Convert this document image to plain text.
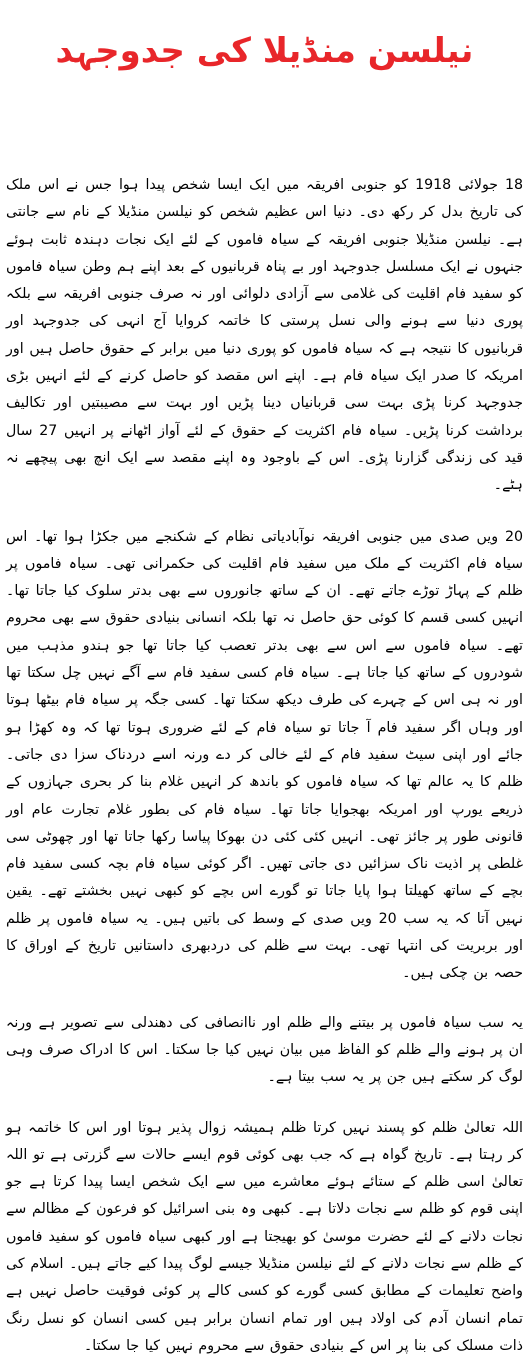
نیلسن منڈیلا کی جدوجہد

18 جولائی 1918 کو جنوبی افریقہ میں ایک ایسا شخص پیدا ہوا جس نے اس ملک کی تاریخ بدل کر رکھ دی۔ دنیا اس عظیم شخص کو نیلسن منڈیلا کے نام سے جانتی ہے۔ نیلسن منڈیلا جنوبی افریقہ کے سیاہ فاموں کے لئے ایک نجات دہندہ ثابت ہوئے جنہوں نے ایک مسلسل جدوجہد اور بے پناہ قربانیوں کے بعد اپنے ہم وطن سیاہ فاموں کو سفید فام اقلیت کی غلامی سے آزادی دلوائی اور نہ صرف جنوبی افریقہ سے بلکہ پوری دنیا سے ہونے والی نسل پرستی کا خاتمہ کروایا آج انہی کی جدوجہد اور قربانیوں کا نتیجہ ہے کہ سیاہ فاموں کو پوری دنیا میں برابر کے حقوق حاصل ہیں اور امریکہ کا صدر ایک سیاہ فام ہے۔ اپنے اس مقصد کو حاصل کرنے کے لئے انہیں بڑی جدوجہد کرنا پڑی بہت سی قربانیاں دینا پڑیں اور بہت سے مصیبتیں اور تکالیف برداشت کرنا پڑیں۔ سیاہ فام اکثریت کے حقوق کے لئے آواز اٹھانے پر انہیں 27 سال قید کی زندگی گزارنا پڑی۔ اس کے باوجود وہ اپنے مقصد سے ایک انچ بھی پیچھے نہ ہٹے۔

20 ویں صدی میں جنوبی افریقہ نوآبادیاتی نظام کے شکنجے میں جکڑا ہوا تھا۔ اس سیاہ فام اکثریت کے ملک میں سفید فام اقلیت کی حکمرانی تھی۔ سیاہ فاموں پر ظلم کے پہاڑ توڑے جاتے تھے۔ ان کے ساتھ جانوروں سے بھی بدتر سلوک کیا جاتا تھا۔ انہیں کسی قسم کا کوئی حق حاصل نہ تھا بلکہ انسانی بنیادی حقوق سے بھی محروم تھے۔ سیاہ فاموں سے اس سے بھی بدتر تعصب کیا جاتا تھا جو ہندو مذہب میں شودروں کے ساتھ کیا جاتا ہے۔ سیاہ فام کسی سفید فام سے آگے نہیں چل سکتا تھا اور نہ ہی اس کے چہرے کی طرف دیکھ سکتا تھا۔ کسی جگہ پر سیاہ فام بیٹھا ہوتا اور وہاں اگر سفید فام آ جاتا تو سیاہ فام کے لئے ضروری ہوتا تھا کہ وہ کھڑا ہو جائے اور اپنی سیٹ سفید فام کے لئے خالی کر دے ورنہ اسے دردناک سزا دی جاتی۔ ظلم کا یہ عالم تھا کہ سیاہ فاموں کو باندھ کر انہیں غلام بنا کر بحری جہازوں کے ذریعے یورپ اور امریکہ بھجوایا جاتا تھا۔ سیاہ فام کی بطور غلام تجارت عام اور قانونی طور پر جائز تھی۔ انہیں کئی کئی دن بھوکا پیاسا رکھا جاتا تھا اور چھوٹی سی غلطی پر اذیت ناک سزائیں دی جاتی تھیں۔ اگر کوئی سیاہ فام بچہ کسی سفید فام بچے کے ساتھ کھیلتا ہوا پایا جاتا تو گورے اس بچے کو کبھی نہیں بخشتے تھے۔ یقین نہیں آتا کہ یہ سب 20 ویں صدی کے وسط کی باتیں ہیں۔ یہ سیاہ فاموں پر ظلم اور بربریت کی انتہا تھی۔ بہت سے ظلم کی دردبھری داستانیں تاریخ کے اوراق کا حصہ بن چکی ہیں۔

یہ سب سیاہ فاموں پر بیتنے والے ظلم اور ناانصافی کی دھندلی سے تصویر ہے ورنہ ان پر ہونے والے ظلم کو الفاظ میں بیان نہیں کیا جا سکتا۔ اس کا ادراک صرف وہی لوگ کر سکتے ہیں جن پر یہ سب بیتا ہے۔

اللہ تعالیٰ ظلم کو پسند نہیں کرتا ظلم ہمیشہ زوال پذیر ہوتا اور اس کا خاتمہ ہو کر رہتا ہے۔ تاریخ گواہ ہے کہ جب بھی کوئی قوم ایسے حالات سے گزرتی ہے تو اللہ تعالیٰ اسی ظلم کے ستائے ہوئے معاشرے میں سے ایک شخص ایسا پیدا کرتا ہے جو اپنی قوم کو ظلم سے نجات دلاتا ہے۔ کبھی وہ بنی اسرائیل کو فرعون کے مظالم سے نجات دلانے کے لئے حضرت موسیٰ کو بھیجتا ہے اور کبھی سیاہ فاموں کو سفید فاموں کے ظلم سے نجات دلانے کے لئے نیلسن منڈیلا جیسے لوگ پیدا کیے جاتے ہیں۔ اسلام کی واضح تعلیمات کے مطابق کسی گورے کو کسی کالے پر کوئی فوقیت حاصل نہیں ہے تمام انسان آدم کی اولاد ہیں اور تمام انسان برابر ہیں کسی انسان کو نسل رنگ ذات مسلک کی بنا پر اس کے بنیادی حقوق سے محروم نہیں کیا جا سکتا۔
